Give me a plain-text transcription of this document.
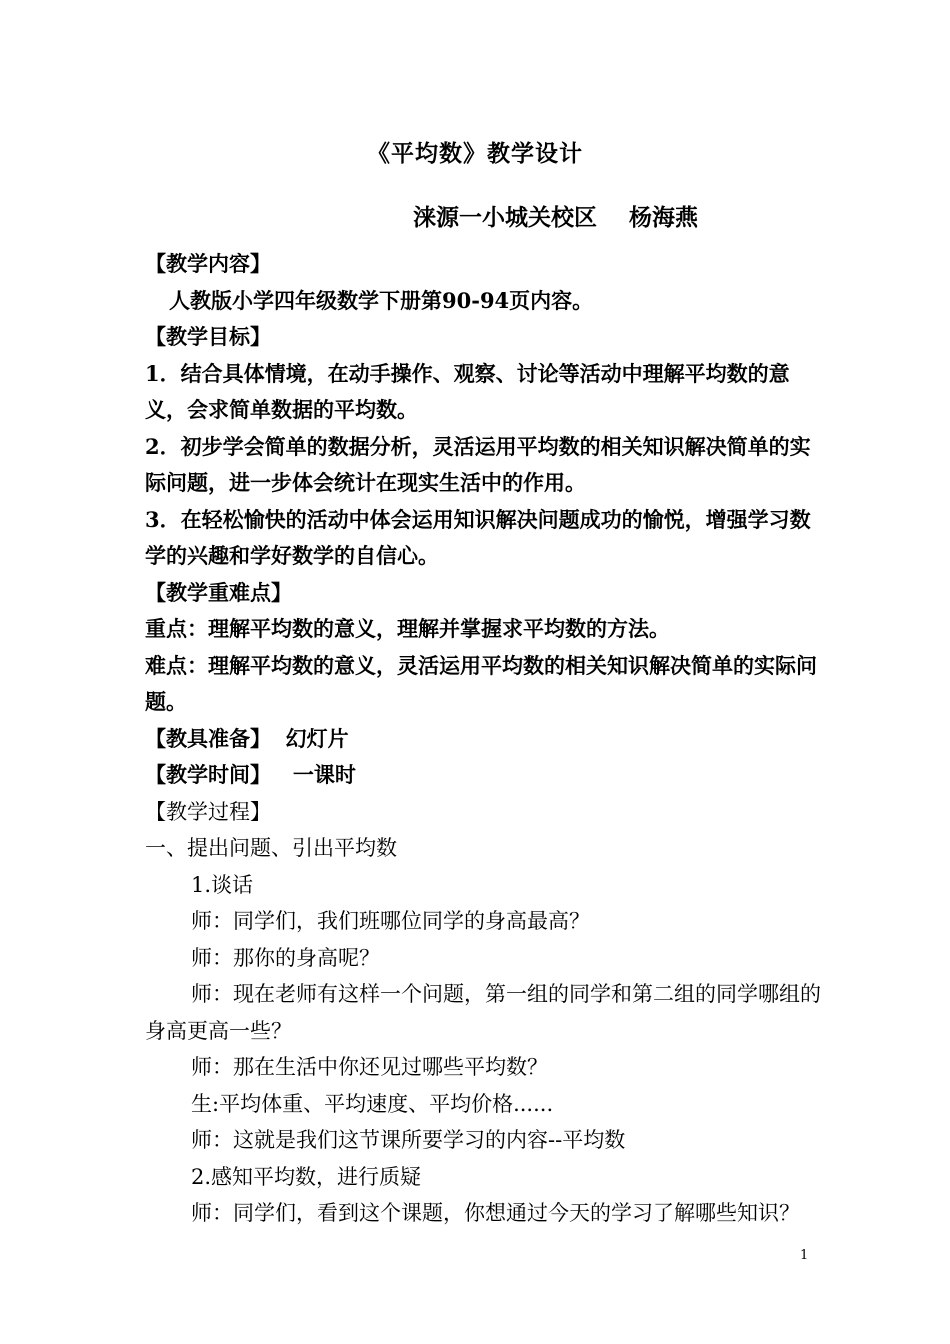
《平均数》教学设计
涞源一小城关校区    杨海燕

【教学内容】

人教版小学四年级数学下册第90-94页内容。

【教学目标】

1．结合具体情境，在动手操作、观察、讨论等活动中理解平均数的意义，会求简单数据的平均数。

2．初步学会简单的数据分析，灵活运用平均数的相关知识解决简单的实际问题，进一步体会统计在现实生活中的作用。

3．在轻松愉快的活动中体会运用知识解决问题成功的愉悦，增强学习数学的兴趣和学好数学的自信心。

【教学重难点】

重点：理解平均数的意义，理解并掌握求平均数的方法。

难点：理解平均数的意义，灵活运用平均数的相关知识解决简单的实际问题。

【教具准备】  幻灯片

【教学时间】   一课时

【教学过程】

一、提出问题、引出平均数

1.谈话

师：同学们，我们班哪位同学的身高最高？

师：那你的身高呢？

师：现在老师有这样一个问题，第一组的同学和第二组的同学哪组的身高更高一些？

师：那在生活中你还见过哪些平均数？

生:平均体重、平均速度、平均价格......

师：这就是我们这节课所要学习的内容--平均数

2.感知平均数，进行质疑

师：同学们，看到这个课题，你想通过今天的学习了解哪些知识？

1
